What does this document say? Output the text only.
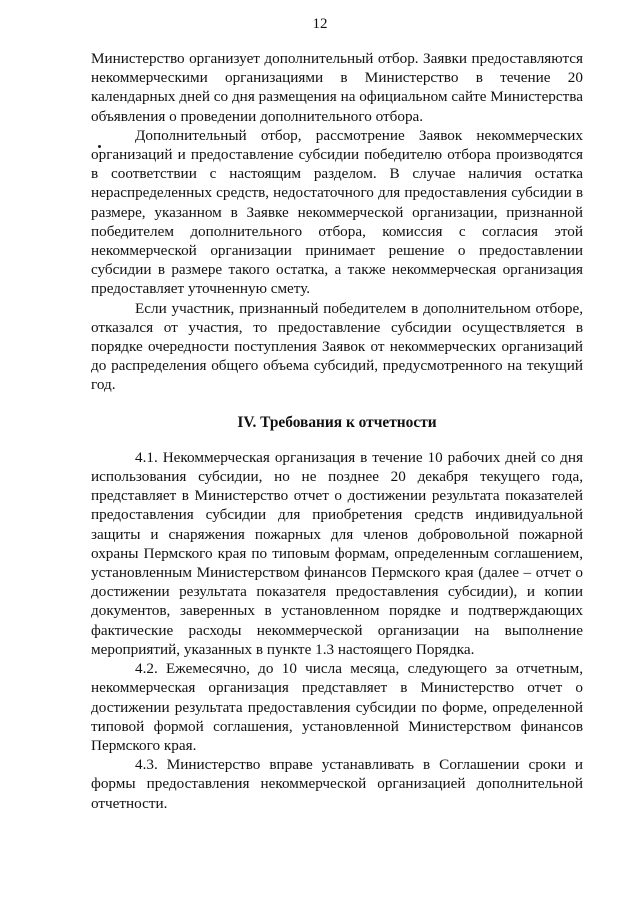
12

Министерство организует дополнительный отбор. Заявки предоставляются некоммерческими организациями в Министерство в течение 20 календарных дней со дня размещения на официальном сайте Министерства объявления о проведении дополнительного отбора.

Дополнительный отбор, рассмотрение Заявок некоммерческих организаций и предоставление субсидии победителю отбора производятся в соответствии с настоящим разделом. В случае наличия остатка нераспределенных средств, недостаточного для предоставления субсидии в размере, указанном в Заявке некоммерческой организации, признанной победителем дополнительного отбора, комиссия с согласия этой некоммерческой организации принимает решение о предоставлении субсидии в размере такого остатка, а также некоммерческая организация предоставляет уточненную смету.

Если участник, признанный победителем в дополнительном отборе, отказался от участия, то предоставление субсидии осуществляется в порядке очередности поступления Заявок от некоммерческих организаций до распределения общего объема субсидий, предусмотренного на текущий год.

IV. Требования к отчетности

4.1. Некоммерческая организация в течение 10 рабочих дней со дня использования субсидии, но не позднее 20 декабря текущего года, представляет в Министерство отчет о достижении результата показателей предоставления субсидии для приобретения средств индивидуальной защиты и снаряжения пожарных для членов добровольной пожарной охраны Пермского края по типовым формам, определенным соглашением, установленным Министерством финансов Пермского края (далее – отчет о достижении результата показателя предоставления субсидии), и копии документов, заверенных в установленном порядке и подтверждающих фактические расходы некоммерческой организации на выполнение мероприятий, указанных в пункте 1.3 настоящего Порядка.

4.2. Ежемесячно, до 10 числа месяца, следующего за отчетным, некоммерческая организация представляет в Министерство отчет о достижении результата предоставления субсидии по форме, определенной типовой формой соглашения, установленной Министерством финансов Пермского края.

4.3. Министерство вправе устанавливать в Соглашении сроки и формы предоставления некоммерческой организацией дополнительной отчетности.
